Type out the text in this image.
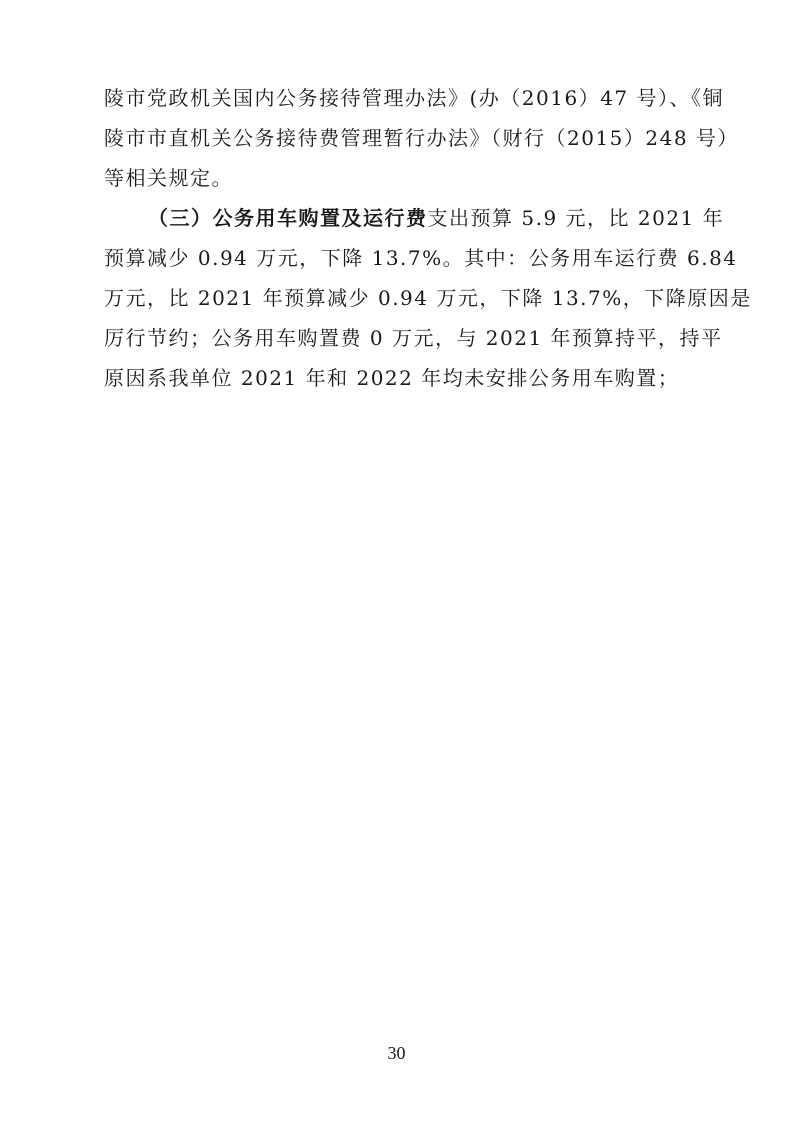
陵市党政机关国内公务接待管理办法》(办（2016）47 号）、《铜
陵市市直机关公务接待费管理暂行办法》（财行（2015）248 号）
等相关规定。
（三）公务用车购置及运行费支出预算 5.9 元，比 2021 年
预算减少 0.94 万元，下降 13.7%。其中：公务用车运行费 6.84
万元，比 2021 年预算减少 0.94 万元，下降 13.7%，下降原因是
厉行节约；公务用车购置费 0 万元，与 2021 年预算持平，持平
原因系我单位 2021 年和 2022 年均未安排公务用车购置；
30
